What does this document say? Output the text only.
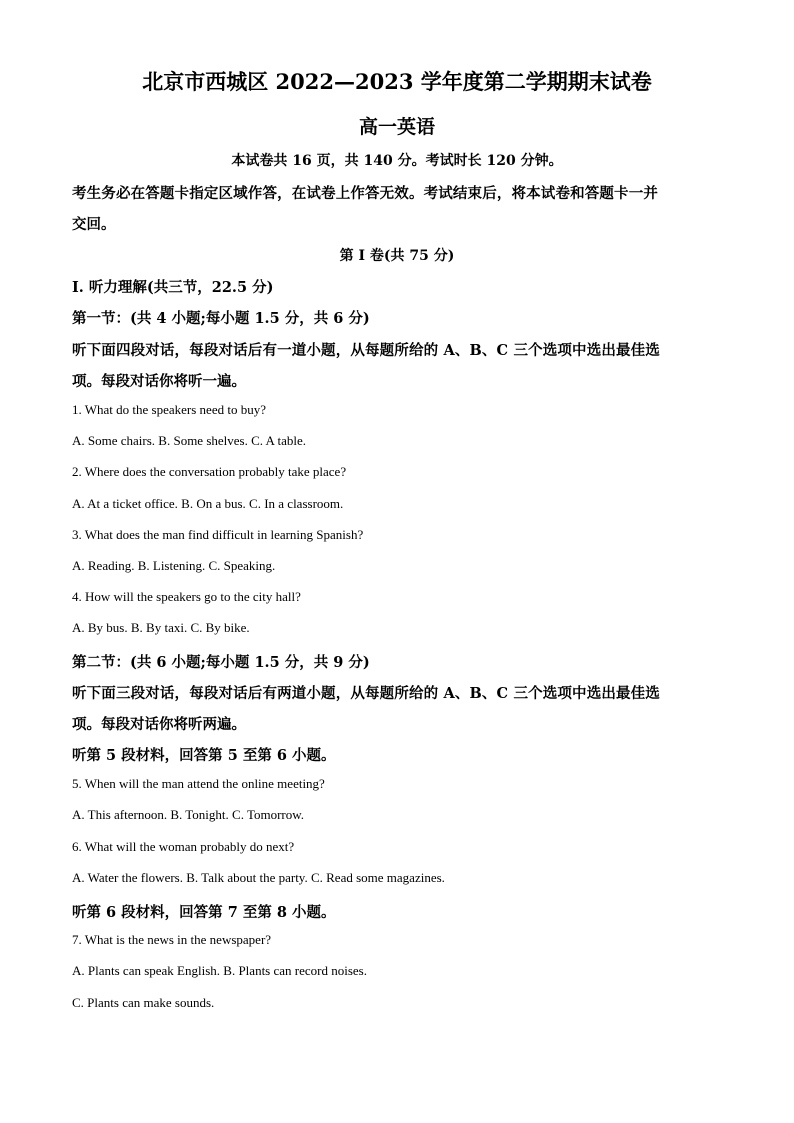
北京市西城区 2022—2023 学年度第二学期期末试卷
高一英语
本试卷共 16 页，共 140 分。考试时长 120 分钟。
考生务必在答题卡指定区域作答，在试卷上作答无效。考试结束后，将本试卷和答题卡一并
交回。
第 I 卷(共 75 分)
I. 听力理解(共三节，22.5 分)
第一节：(共 4 小题;每小题 1.5 分，共 6 分)
听下面四段对话，每段对话后有一道小题，从每题所给的 A、B、C 三个选项中选出最佳选
项。每段对话你将听一遍。
1. What do the speakers need to buy?
A. Some chairs. B. Some shelves. C. A table.
2. Where does the conversation probably take place?
A. At a ticket office. B. On a bus. C. In a classroom.
3. What does the man find difficult in learning Spanish?
A. Reading. B. Listening. C. Speaking.
4. How will the speakers go to the city hall?
A. By bus. B. By taxi. C. By bike.
第二节：(共 6 小题;每小题 1.5 分，共 9 分)
听下面三段对话，每段对话后有两道小题，从每题所给的 A、B、C 三个选项中选出最佳选
项。每段对话你将听两遍。
听第 5 段材料，回答第 5 至第 6 小题。
5. When will the man attend the online meeting?
A. This afternoon. B. Tonight. C. Tomorrow.
6. What will the woman probably do next?
A. Water the flowers. B. Talk about the party. C. Read some magazines.
听第 6 段材料，回答第 7 至第 8 小题。
7. What is the news in the newspaper?
A. Plants can speak English. B. Plants can record noises.
C. Plants can make sounds.
